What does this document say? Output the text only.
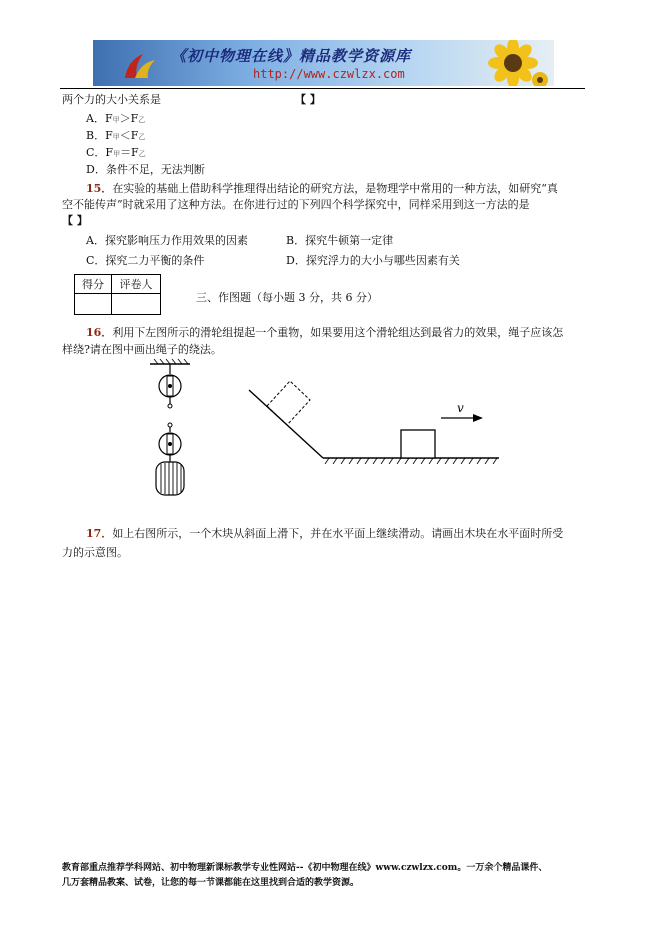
《初中物理在线》精品教学资源库
http://www.czwlzx.com
两个力的大小关系是	【 】
A．F甲＞F乙
B．F甲＜F乙
C．F甲＝F乙
D．条件不足，无法判断
15．在实验的基础上借助科学推理得出结论的研究方法，是物理学中常用的一种方法，如研究“真
空不能传声”时就采用了这种方法。在你进行过的下列四个科学探究中，同样采用到这一方法的是
【 】
A．探究影响压力作用效果的因素	B．探究牛顿第一定律
C．探究二力平衡的条件	D．探究浮力的大小与哪些因素有关
得分	评卷人

三、作图题（每小题 3 分，共 6 分）
16．利用下左图所示的滑轮组提起一个重物，如果要用这个滑轮组达到最省力的效果，绳子应该怎
样绕?请在图中画出绳子的绕法。
v
17．如上右图所示，一个木块从斜面上滑下，并在水平面上继续滑动。请画出木块在水平面时所受
力的示意图。
教育部重点推荐学科网站、初中物理新课标教学专业性网站--《初中物理在线》www.czwlzx.com。一万余个精品课件、
几万套精品教案、试卷，让您的每一节课都能在这里找到合适的教学资源。
